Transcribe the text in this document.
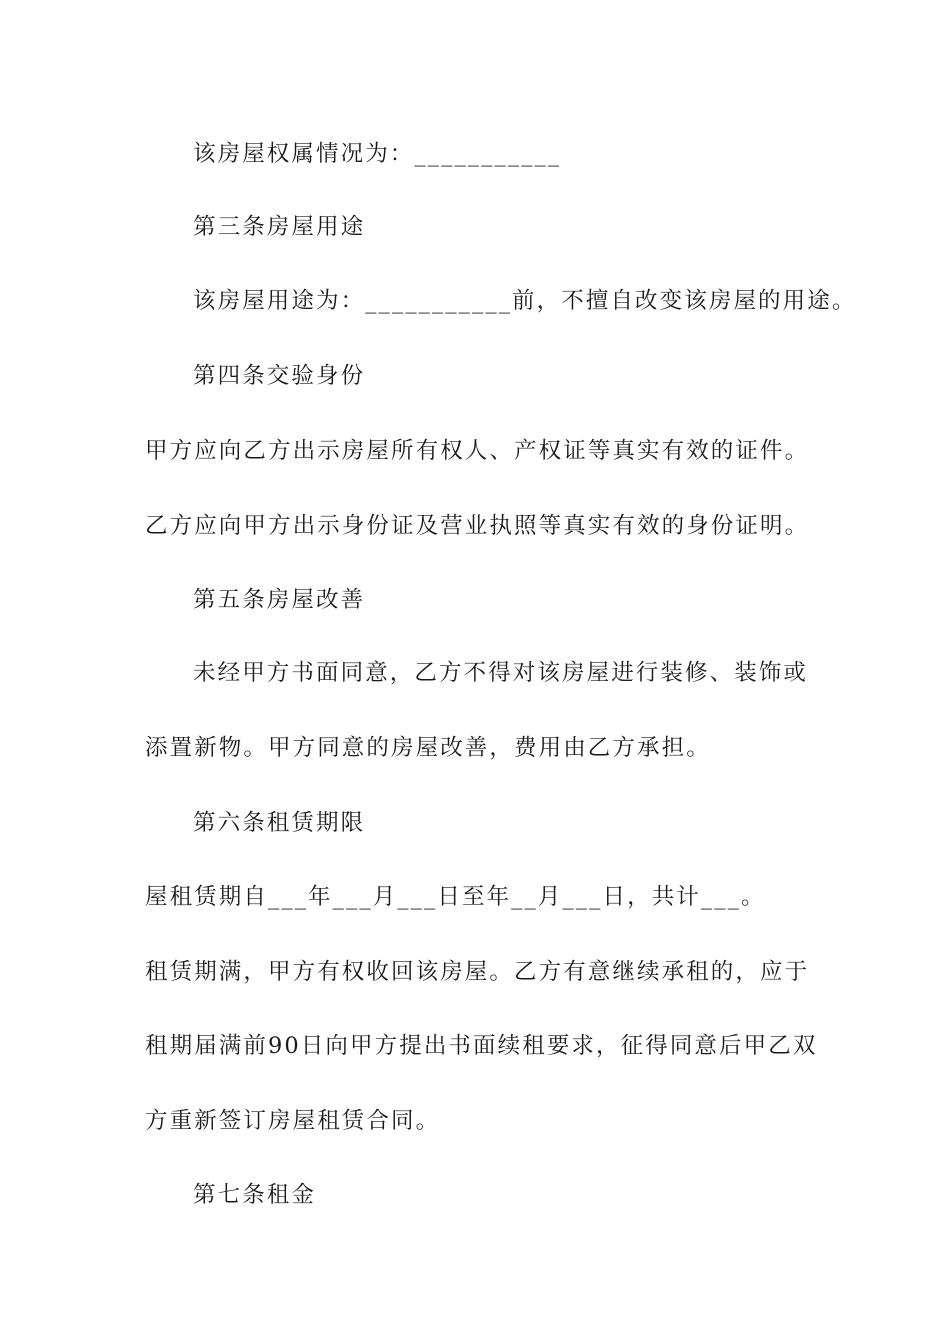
该房屋权属情况为：___________
第三条房屋用途
该房屋用途为：___________前，不擅自改变该房屋的用途。
第四条交验身份
甲方应向乙方出示房屋所有权人、产权证等真实有效的证件。
乙方应向甲方出示身份证及营业执照等真实有效的身份证明。
第五条房屋改善
未经甲方书面同意，乙方不得对该房屋进行装修、装饰或
添置新物。甲方同意的房屋改善，费用由乙方承担。
第六条租赁期限
屋租赁期自___年___月___日至年__月___日，共计___。
租赁期满，甲方有权收回该房屋。乙方有意继续承租的，应于
租期届满前90日向甲方提出书面续租要求，征得同意后甲乙双
方重新签订房屋租赁合同。
第七条租金
